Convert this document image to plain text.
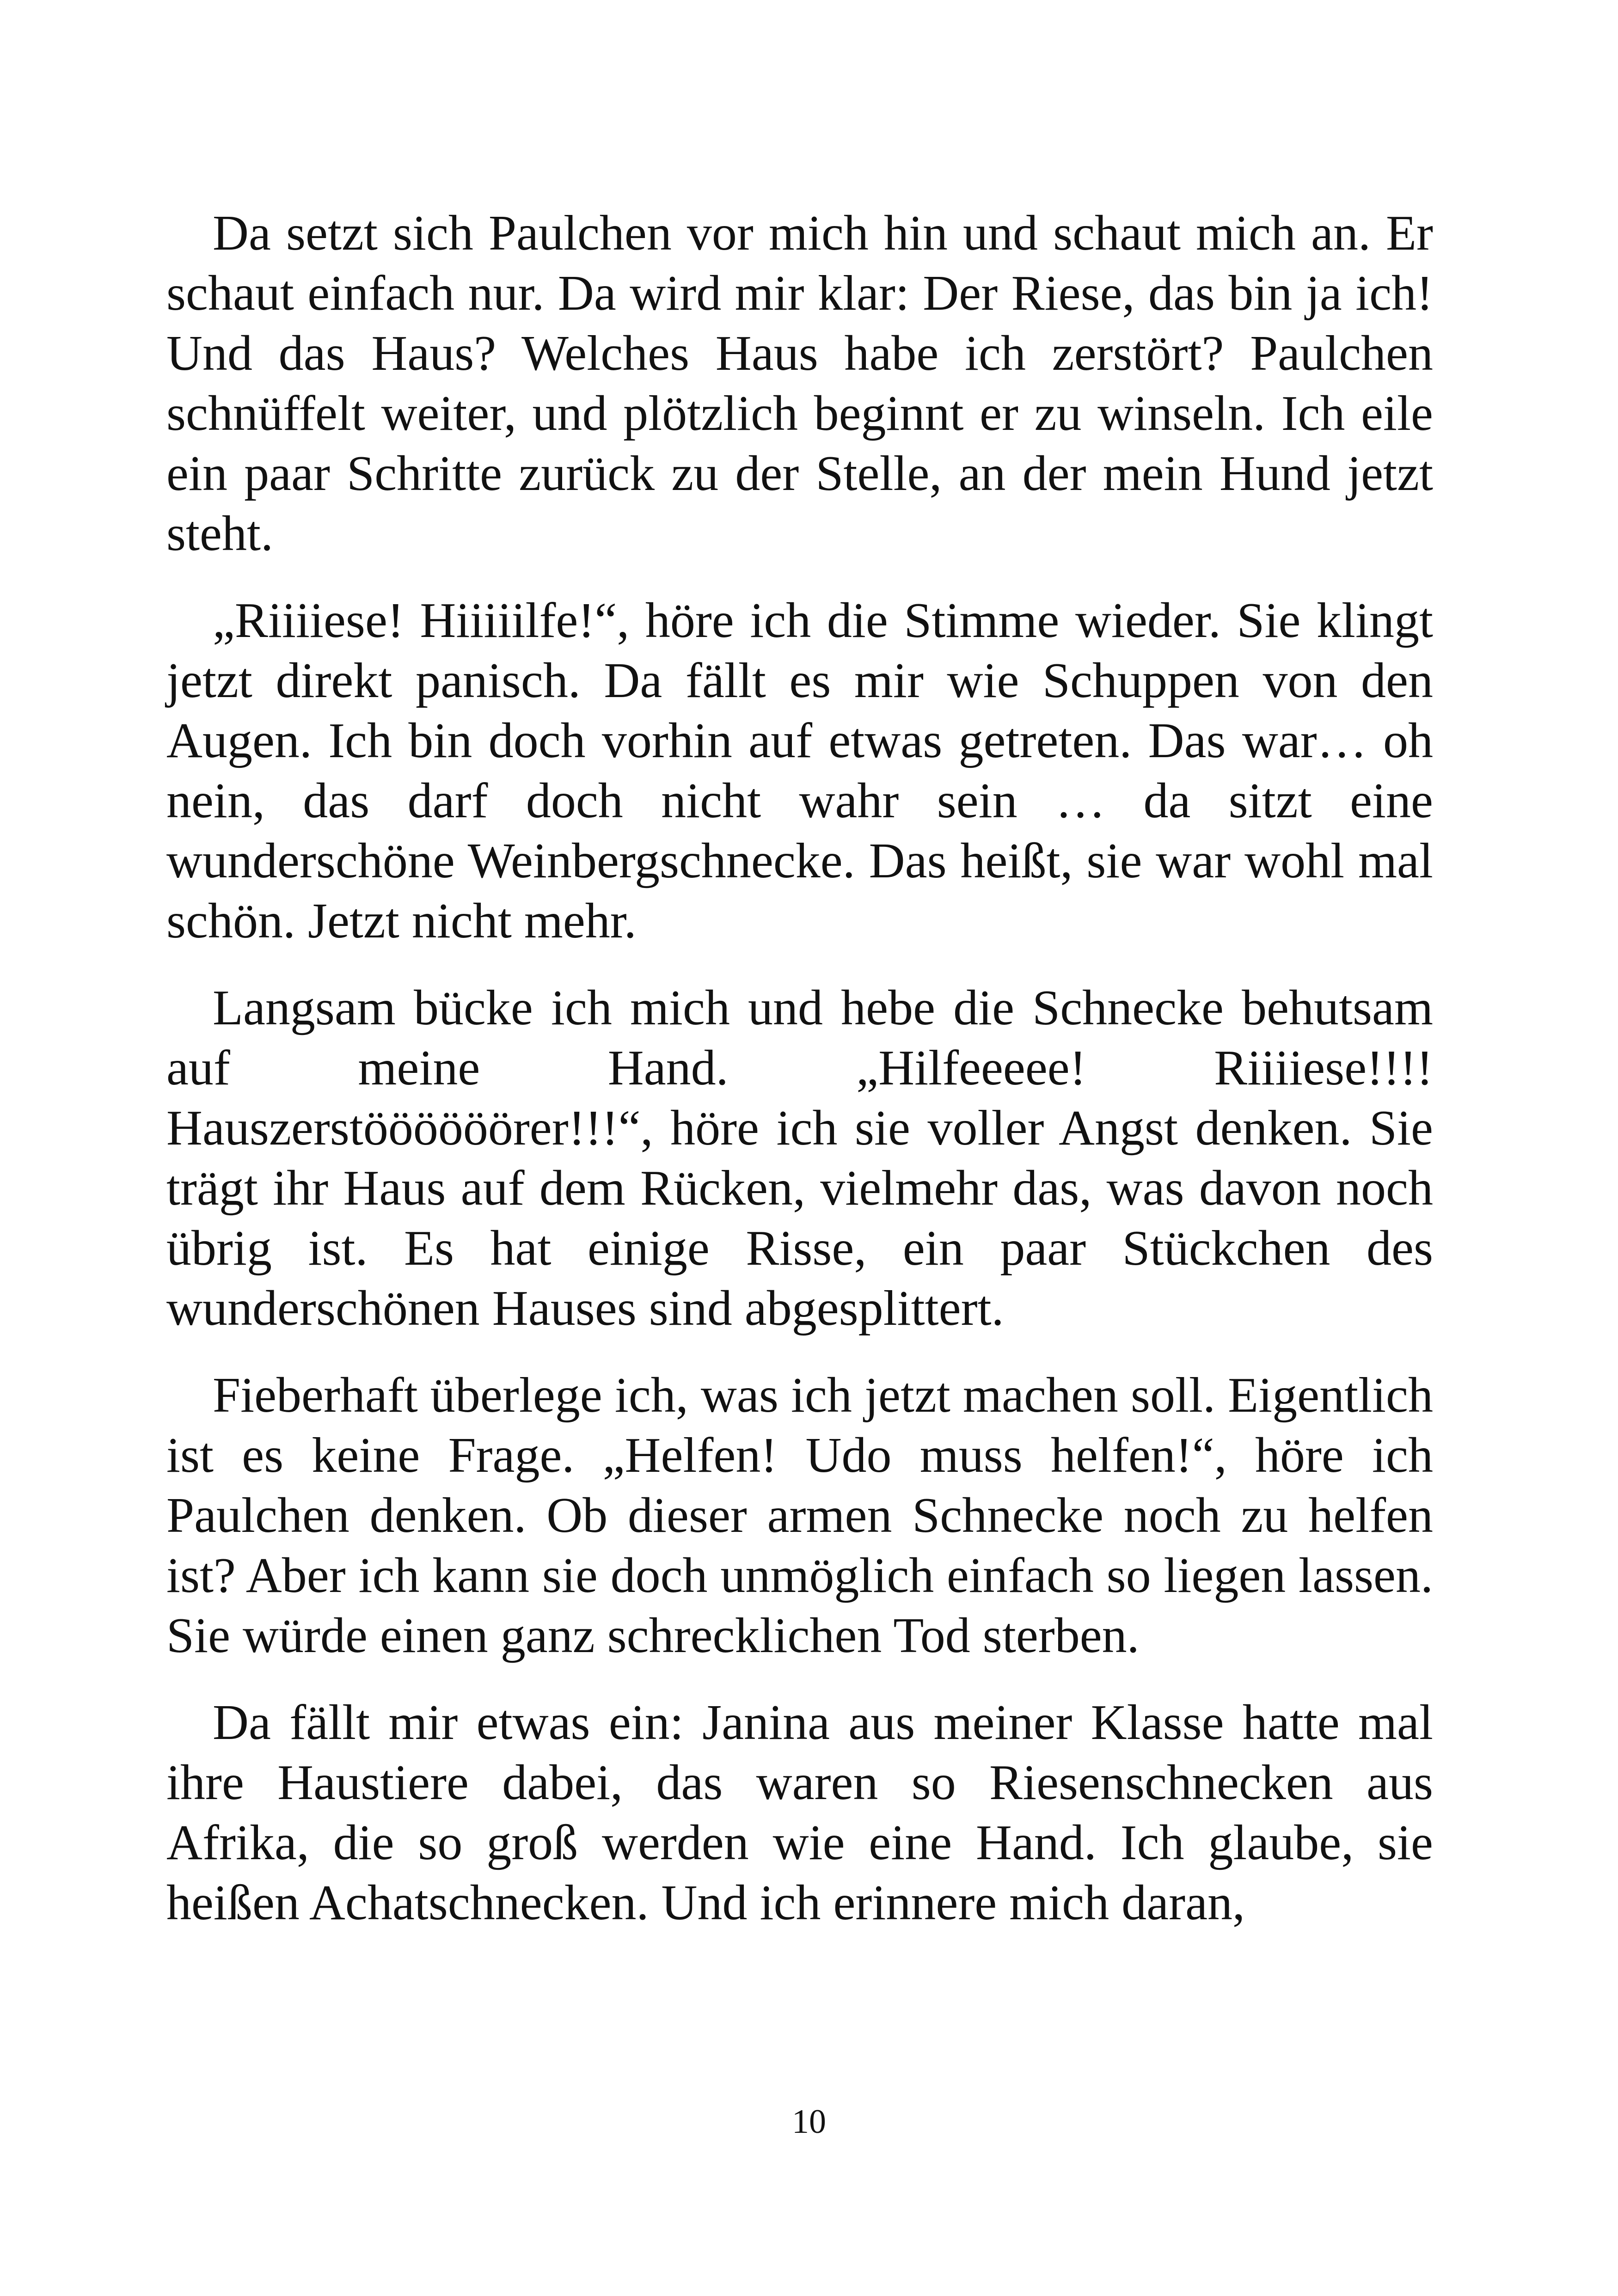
Da setzt sich Paulchen vor mich hin und schaut mich an. Er schaut einfach nur. Da wird mir klar: Der Riese, das bin ja ich! Und das Haus? Welches Haus habe ich zerstört? Paulchen schnüffelt weiter, und plötzlich beginnt er zu winseln. Ich eile ein paar Schritte zurück zu der Stelle, an der mein Hund jetzt steht.

„Riiiiese! Hiiiiilfe!“, höre ich die Stimme wieder. Sie klingt jetzt direkt panisch. Da fällt es mir wie Schuppen von den Augen. Ich bin doch vorhin auf etwas getreten. Das war… oh nein, das darf doch nicht wahr sein … da sitzt eine wunderschöne Weinbergschnecke. Das heißt, sie war wohl mal schön. Jetzt nicht mehr.

Langsam bücke ich mich und hebe die Schnecke behutsam auf meine Hand. „Hilfeeeee! Riiiiese!!!! Hauszerstöööööörer!!!“, höre ich sie voller Angst denken. Sie trägt ihr Haus auf dem Rücken, vielmehr das, was davon noch übrig ist. Es hat einige Risse, ein paar Stückchen des wunderschönen Hauses sind abgesplittert.

Fieberhaft überlege ich, was ich jetzt machen soll. Eigentlich ist es keine Frage. „Helfen! Udo muss helfen!“, höre ich Paulchen denken. Ob dieser armen Schnecke noch zu helfen ist? Aber ich kann sie doch unmöglich einfach so liegen lassen. Sie würde einen ganz schrecklichen Tod sterben.

Da fällt mir etwas ein: Janina aus meiner Klasse hatte mal ihre Haustiere dabei, das waren so Riesenschnecken aus Afrika, die so groß werden wie eine Hand. Ich glaube, sie heißen Achatschnecken. Und ich erinnere mich daran,

10
